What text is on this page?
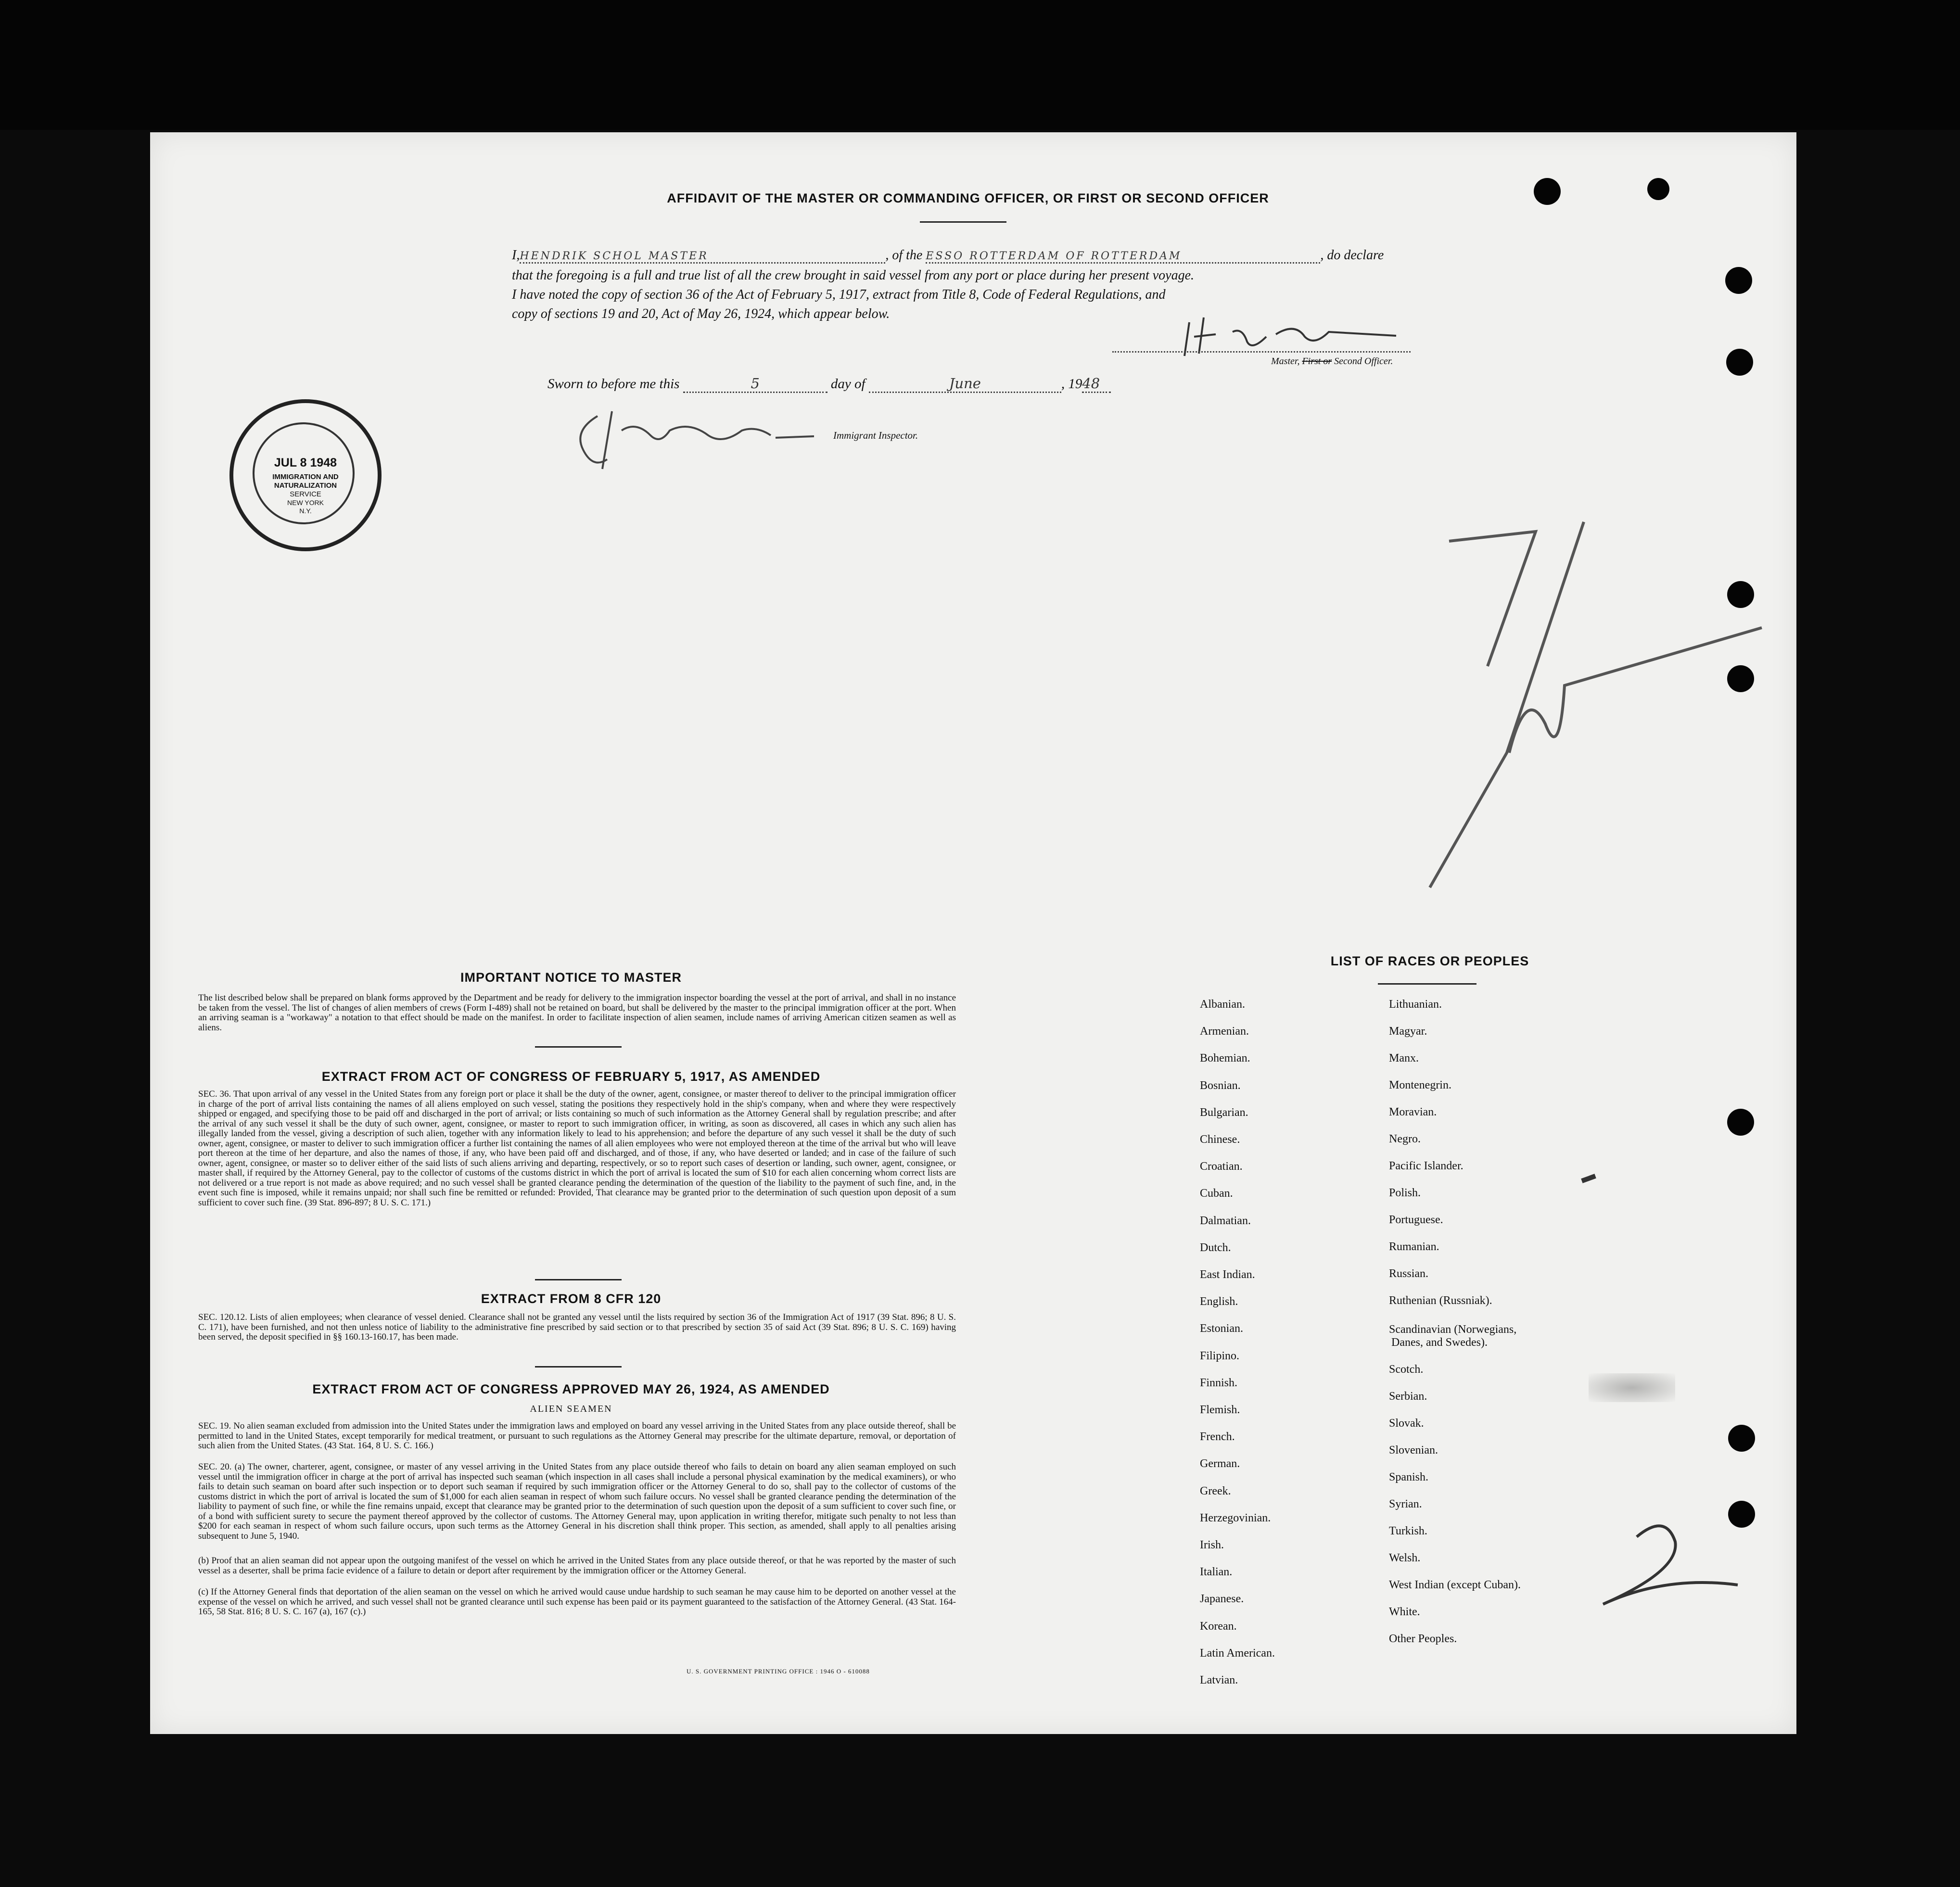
AFFIDAVIT OF THE MASTER OR COMMANDING OFFICER, OR FIRST OR SECOND OFFICER
I,HENDRIK SCHOL MASTER	, of the ESSO ROTTERDAM OF ROTTERDAM	, do declare
that the foregoing is a full and true list of all the crew brought in said vessel from any port or place during her present voyage.
I have noted the copy of section 36 of the Act of February 5, 1917, extract from Title 8, Code of Federal Regulations, and
copy of sections 19 and 20, Act of May 26, 1924, which appear below.
Master, First or Second Officer.
Sworn to before me this	5	day of	June	, 1948
Immigrant Inspector.
JUL 8 1948
IMMIGRATION AND
NATURALIZATION
SERVICE
NEW YORK
N.Y.
IMPORTANT NOTICE TO MASTER
The list described below shall be prepared on blank forms approved by the Department and be ready for delivery to the immigration inspector boarding the vessel at the port of arrival, and shall in no instance be taken from the vessel. The list of changes of alien members of crews (Form I-489) shall not be retained on board, but shall be delivered by the master to the principal immigration officer at the port. When an arriving seaman is a "workaway" a notation to that effect should be made on the manifest. In order to facilitate inspection of alien seamen, include names of arriving American citizen seamen as well as aliens.
EXTRACT FROM ACT OF CONGRESS OF FEBRUARY 5, 1917, AS AMENDED
SEC. 36. That upon arrival of any vessel in the United States from any foreign port or place it shall be the duty of the owner, agent, consignee, or master thereof to deliver to the principal immigration officer in charge of the port of arrival lists containing the names of all aliens employed on such vessel, stating the positions they respectively hold in the ship's company, when and where they were respectively shipped or engaged, and specifying those to be paid off and discharged in the port of arrival; or lists containing so much of such information as the Attorney General shall by regulation prescribe; and after the arrival of any such vessel it shall be the duty of such owner, agent, consignee, or master to report to such immigration officer, in writing, as soon as discovered, all cases in which any such alien has illegally landed from the vessel, giving a description of such alien, together with any information likely to lead to his apprehension; and before the departure of any such vessel it shall be the duty of such owner, agent, consignee, or master to deliver to such immigration officer a further list containing the names of all alien employees who were not employed thereon at the time of the arrival but who will leave port thereon at the time of her departure, and also the names of those, if any, who have been paid off and discharged, and of those, if any, who have deserted or landed; and in case of the failure of such owner, agent, consignee, or master so to deliver either of the said lists of such aliens arriving and departing, respectively, or so to report such cases of desertion or landing, such owner, agent, consignee, or master shall, if required by the Attorney General, pay to the collector of customs of the customs district in which the port of arrival is located the sum of $10 for each alien concerning whom correct lists are not delivered or a true report is not made as above required; and no such vessel shall be granted clearance pending the determination of the question of the liability to the payment of such fine, and, in the event such fine is imposed, while it remains unpaid; nor shall such fine be remitted or refunded: Provided, That clearance may be granted prior to the determination of such question upon deposit of a sum sufficient to cover such fine. (39 Stat. 896-897; 8 U. S. C. 171.)
EXTRACT FROM 8 CFR 120
SEC. 120.12. Lists of alien employees; when clearance of vessel denied. Clearance shall not be granted any vessel until the lists required by section 36 of the Immigration Act of 1917 (39 Stat. 896; 8 U. S. C. 171), have been furnished, and not then unless notice of liability to the administrative fine prescribed by said section or to that prescribed by section 35 of said Act (39 Stat. 896; 8 U. S. C. 169) having been served, the deposit specified in §§ 160.13-160.17, has been made.
EXTRACT FROM ACT OF CONGRESS APPROVED MAY 26, 1924, AS AMENDED
ALIEN SEAMEN
SEC. 19. No alien seaman excluded from admission into the United States under the immigration laws and employed on board any vessel arriving in the United States from any place outside thereof, shall be permitted to land in the United States, except temporarily for medical treatment, or pursuant to such regulations as the Attorney General may prescribe for the ultimate departure, removal, or deportation of such alien from the United States. (43 Stat. 164, 8 U. S. C. 166.)
SEC. 20. (a) The owner, charterer, agent, consignee, or master of any vessel arriving in the United States from any place outside thereof who fails to detain on board any alien seaman employed on such vessel until the immigration officer in charge at the port of arrival has inspected such seaman (which inspection in all cases shall include a personal physical examination by the medical examiners), or who fails to detain such seaman on board after such inspection or to deport such seaman if required by such immigration officer or the Attorney General to do so, shall pay to the collector of customs of the customs district in which the port of arrival is located the sum of $1,000 for each alien seaman in respect of whom such failure occurs. No vessel shall be granted clearance pending the determination of the liability to payment of such fine, or while the fine remains unpaid, except that clearance may be granted prior to the determination of such question upon the deposit of a sum sufficient to cover such fine, or of a bond with sufficient surety to secure the payment thereof approved by the collector of customs. The Attorney General may, upon application in writing therefor, mitigate such penalty to not less than $200 for each seaman in respect of whom such failure occurs, upon such terms as the Attorney General in his discretion shall think proper. This section, as amended, shall apply to all penalties arising subsequent to June 5, 1940.
(b) Proof that an alien seaman did not appear upon the outgoing manifest of the vessel on which he arrived in the United States from any place outside thereof, or that he was reported by the master of such vessel as a deserter, shall be prima facie evidence of a failure to detain or deport after requirement by the immigration officer or the Attorney General.
(c) If the Attorney General finds that deportation of the alien seaman on the vessel on which he arrived would cause undue hardship to such seaman he may cause him to be deported on another vessel at the expense of the vessel on which he arrived, and such vessel shall not be granted clearance until such expense has been paid or its payment guaranteed to the satisfaction of the Attorney General. (43 Stat. 164-165, 58 Stat. 816; 8 U. S. C. 167 (a), 167 (c).)
U. S. GOVERNMENT PRINTING OFFICE : 1946 O - 610088
LIST OF RACES OR PEOPLES
Albanian.
Armenian.
Bohemian.
Bosnian.
Bulgarian.
Chinese.
Croatian.
Cuban.
Dalmatian.
Dutch.
East Indian.
English.
Estonian.
Filipino.
Finnish.
Flemish.
French.
German.
Greek.
Herzegovinian.
Irish.
Italian.
Japanese.
Korean.
Latin American.
Latvian.
Lithuanian.
Magyar.
Manx.
Montenegrin.
Moravian.
Negro.
Pacific Islander.
Polish.
Portuguese.
Rumanian.
Russian.
Ruthenian (Russniak).
Scandinavian (Norwegians,
Danes, and Swedes).
Scotch.
Serbian.
Slovak.
Slovenian.
Spanish.
Syrian.
Turkish.
Welsh.
West Indian (except Cuban).
White.
Other Peoples.
